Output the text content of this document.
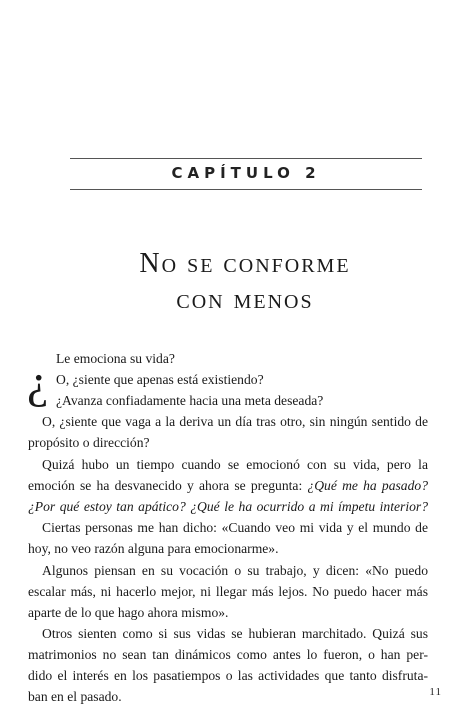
CAPÍTULO 2
No se conforme
con menos
¿ Le emociona su vida?
O, ¿siente que apenas está existiendo?
¿Avanza confiadamente hacia una meta deseada?
O, ¿siente que vaga a la deriva un día tras otro, sin ningún sentido de
propósito o dirección?
Quizá hubo un tiempo cuando se emocionó con su vida, pero la
emoción se ha desvanecido y ahora se pregunta: ¿Qué me ha pasado?
¿Por qué estoy tan apático? ¿Qué le ha ocurrido a mi ímpetu interior?
Ciertas personas me han dicho: «Cuando veo mi vida y el mundo de
hoy, no veo razón alguna para emocionarme».
Algunos piensan en su vocación o su trabajo, y dicen: «No puedo
escalar más, ni hacerlo mejor, ni llegar más lejos. No puedo hacer más
aparte de lo que hago ahora mismo».
Otros sienten como si sus vidas se hubieran marchitado. Quizá sus
matrimonios no sean tan dinámicos como antes lo fueron, o han per-
dido el interés en los pasatiempos o las actividades que tanto disfruta-
ban en el pasado.	11
